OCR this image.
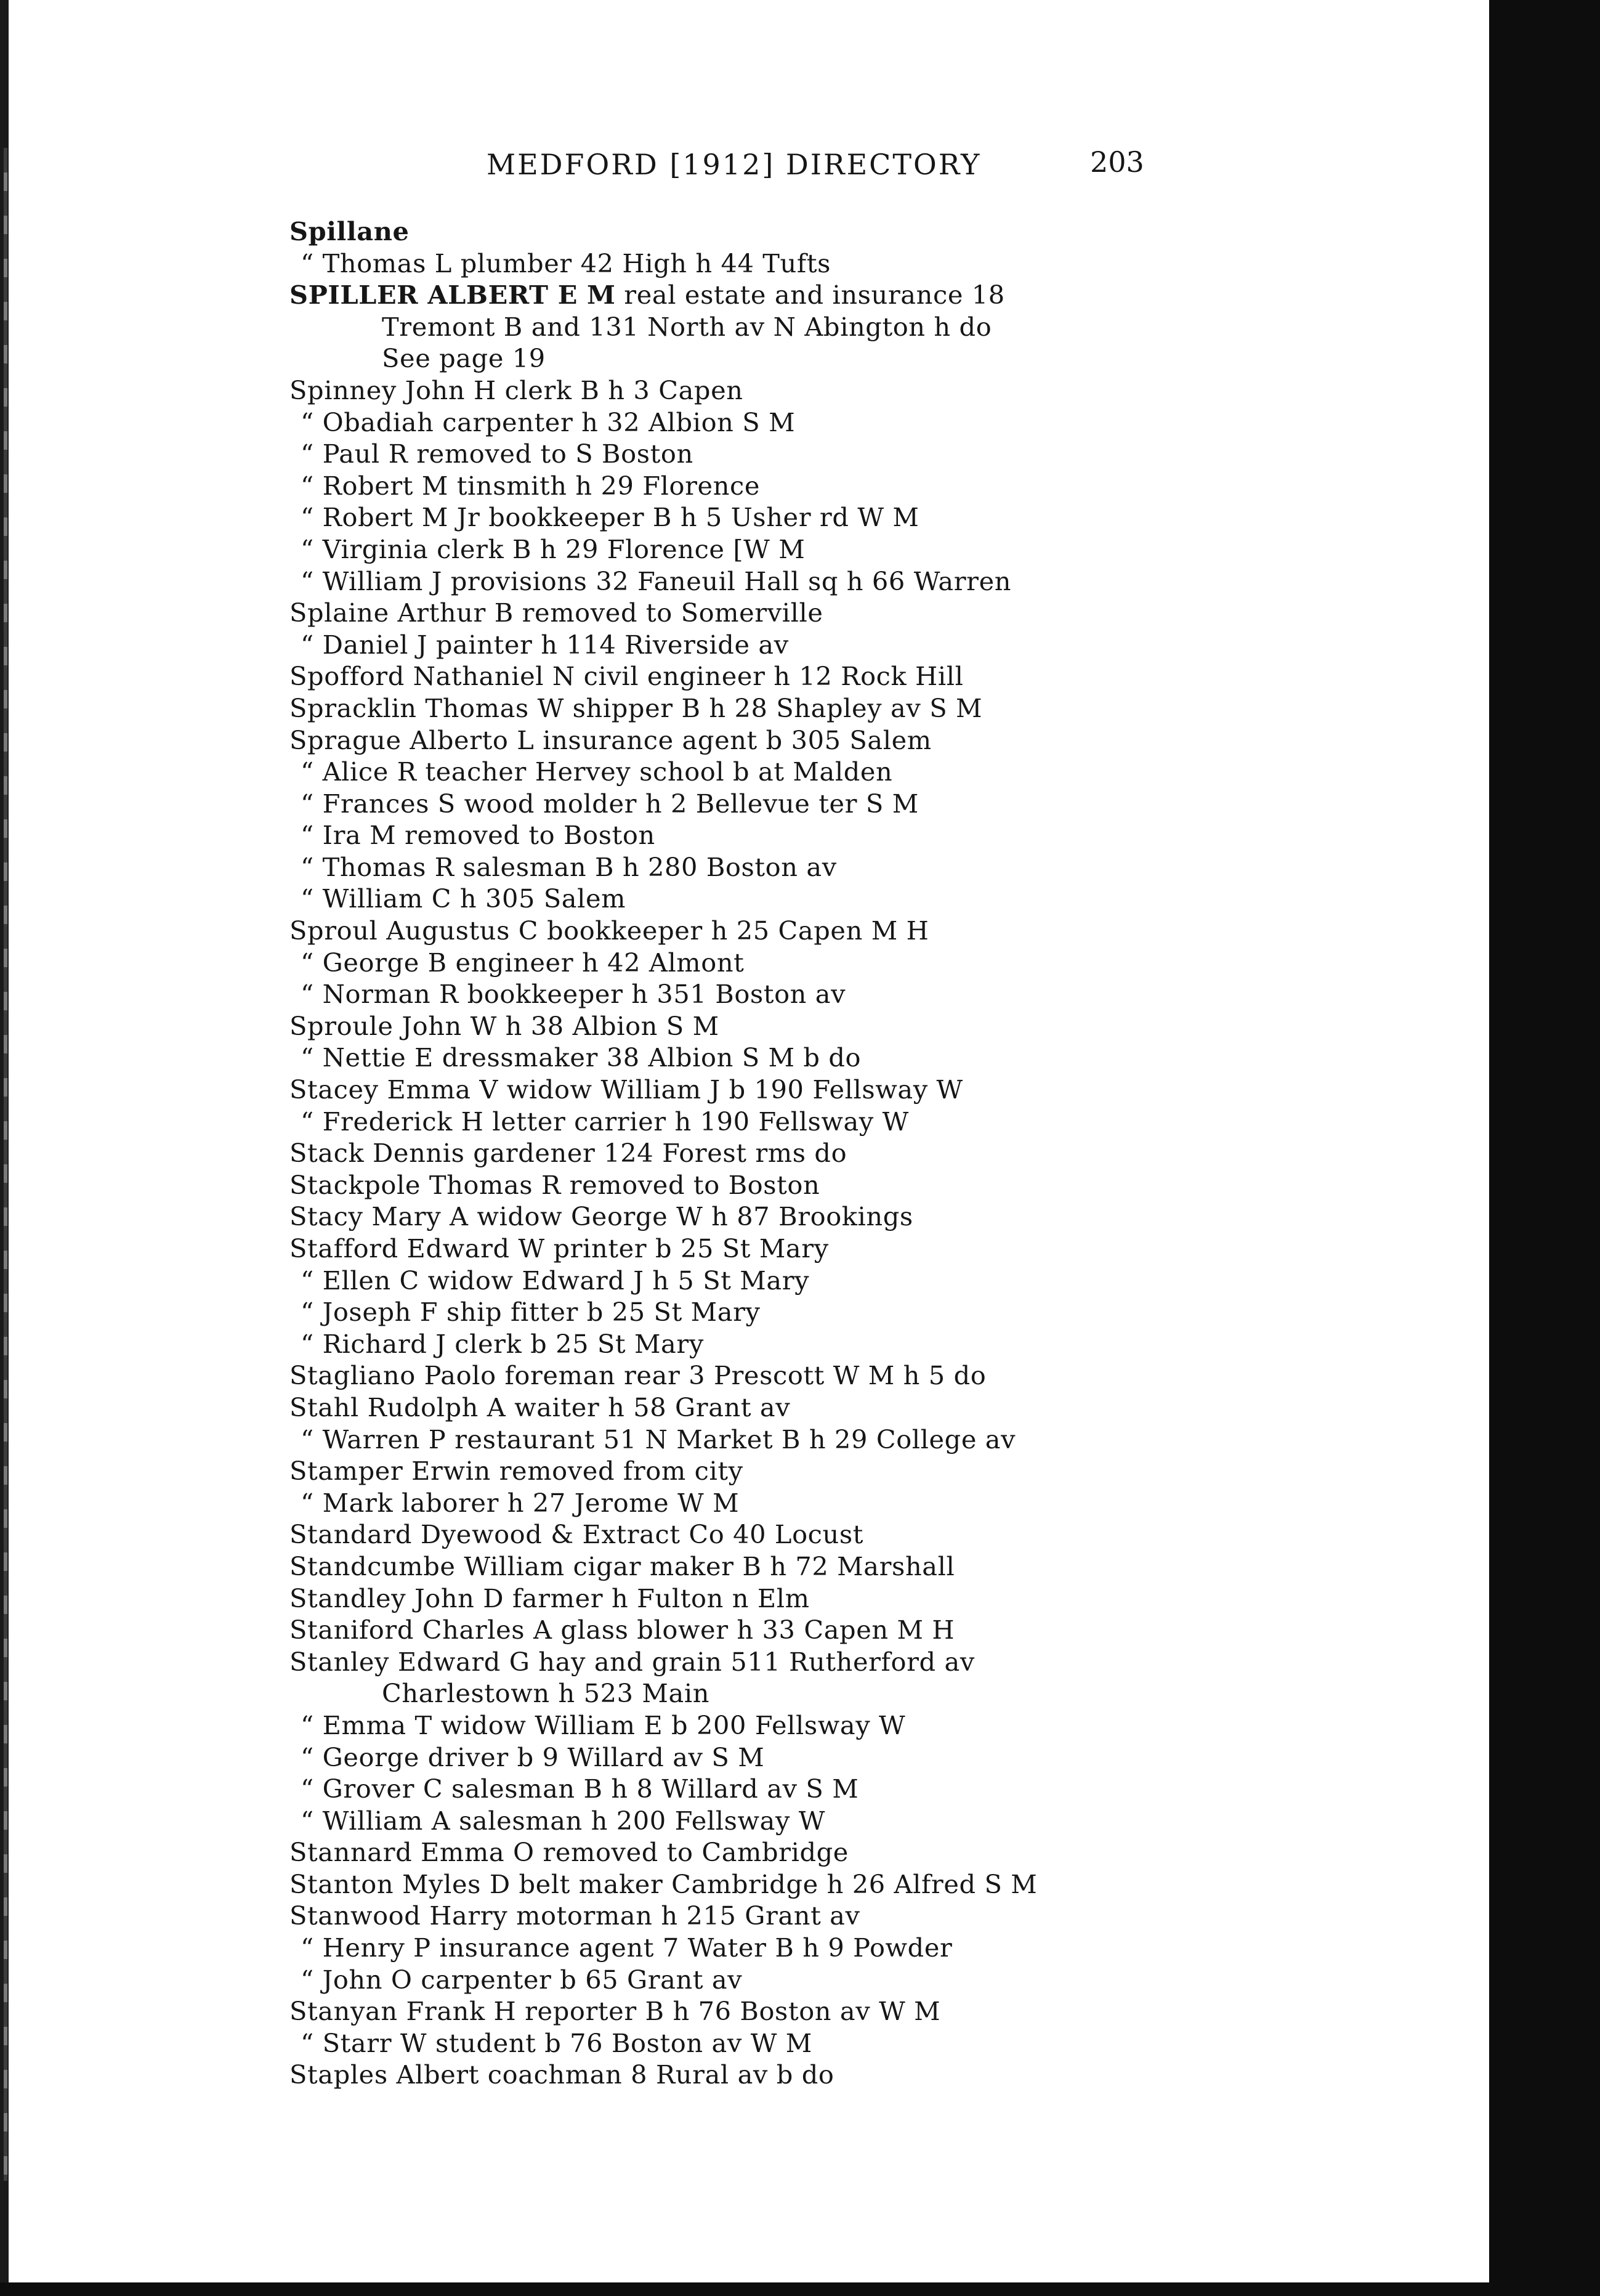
MEDFORD [1912] DIRECTORY	203
Spillane
“ Thomas L plumber 42 High h 44 Tufts
SPILLER ALBERT E M real estate and insurance 18
Tremont B and 131 North av N Abington h do
See page 19
Spinney John H clerk B h 3 Capen
“ Obadiah carpenter h 32 Albion S M
“ Paul R removed to S Boston
“ Robert M tinsmith h 29 Florence
“ Robert M Jr bookkeeper B h 5 Usher rd W M
“ Virginia clerk B h 29 Florence [W M
“ William J provisions 32 Faneuil Hall sq h 66 Warren
Splaine Arthur B removed to Somerville
“ Daniel J painter h 114 Riverside av
Spofford Nathaniel N civil engineer h 12 Rock Hill
Spracklin Thomas W shipper B h 28 Shapley av S M
Sprague Alberto L insurance agent b 305 Salem
“ Alice R teacher Hervey school b at Malden
“ Frances S wood molder h 2 Bellevue ter S M
“ Ira M removed to Boston
“ Thomas R salesman B h 280 Boston av
“ William C h 305 Salem
Sproul Augustus C bookkeeper h 25 Capen M H
“ George B engineer h 42 Almont
“ Norman R bookkeeper h 351 Boston av
Sproule John W h 38 Albion S M
“ Nettie E dressmaker 38 Albion S M b do
Stacey Emma V widow William J b 190 Fellsway W
“ Frederick H letter carrier h 190 Fellsway W
Stack Dennis gardener 124 Forest rms do
Stackpole Thomas R removed to Boston
Stacy Mary A widow George W h 87 Brookings
Stafford Edward W printer b 25 St Mary
“ Ellen C widow Edward J h 5 St Mary
“ Joseph F ship fitter b 25 St Mary
“ Richard J clerk b 25 St Mary
Stagliano Paolo foreman rear 3 Prescott W M h 5 do
Stahl Rudolph A waiter h 58 Grant av
“ Warren P restaurant 51 N Market B h 29 College av
Stamper Erwin removed from city
“ Mark laborer h 27 Jerome W M
Standard Dyewood & Extract Co 40 Locust
Standcumbe William cigar maker B h 72 Marshall
Standley John D farmer h Fulton n Elm
Staniford Charles A glass blower h 33 Capen M H
Stanley Edward G hay and grain 511 Rutherford av
Charlestown h 523 Main
“ Emma T widow William E b 200 Fellsway W
“ George driver b 9 Willard av S M
“ Grover C salesman B h 8 Willard av S M
“ William A salesman h 200 Fellsway W
Stannard Emma O removed to Cambridge
Stanton Myles D belt maker Cambridge h 26 Alfred S M
Stanwood Harry motorman h 215 Grant av
“ Henry P insurance agent 7 Water B h 9 Powder
“ John O carpenter b 65 Grant av
Stanyan Frank H reporter B h 76 Boston av W M
“ Starr W student b 76 Boston av W M
Staples Albert coachman 8 Rural av b do
